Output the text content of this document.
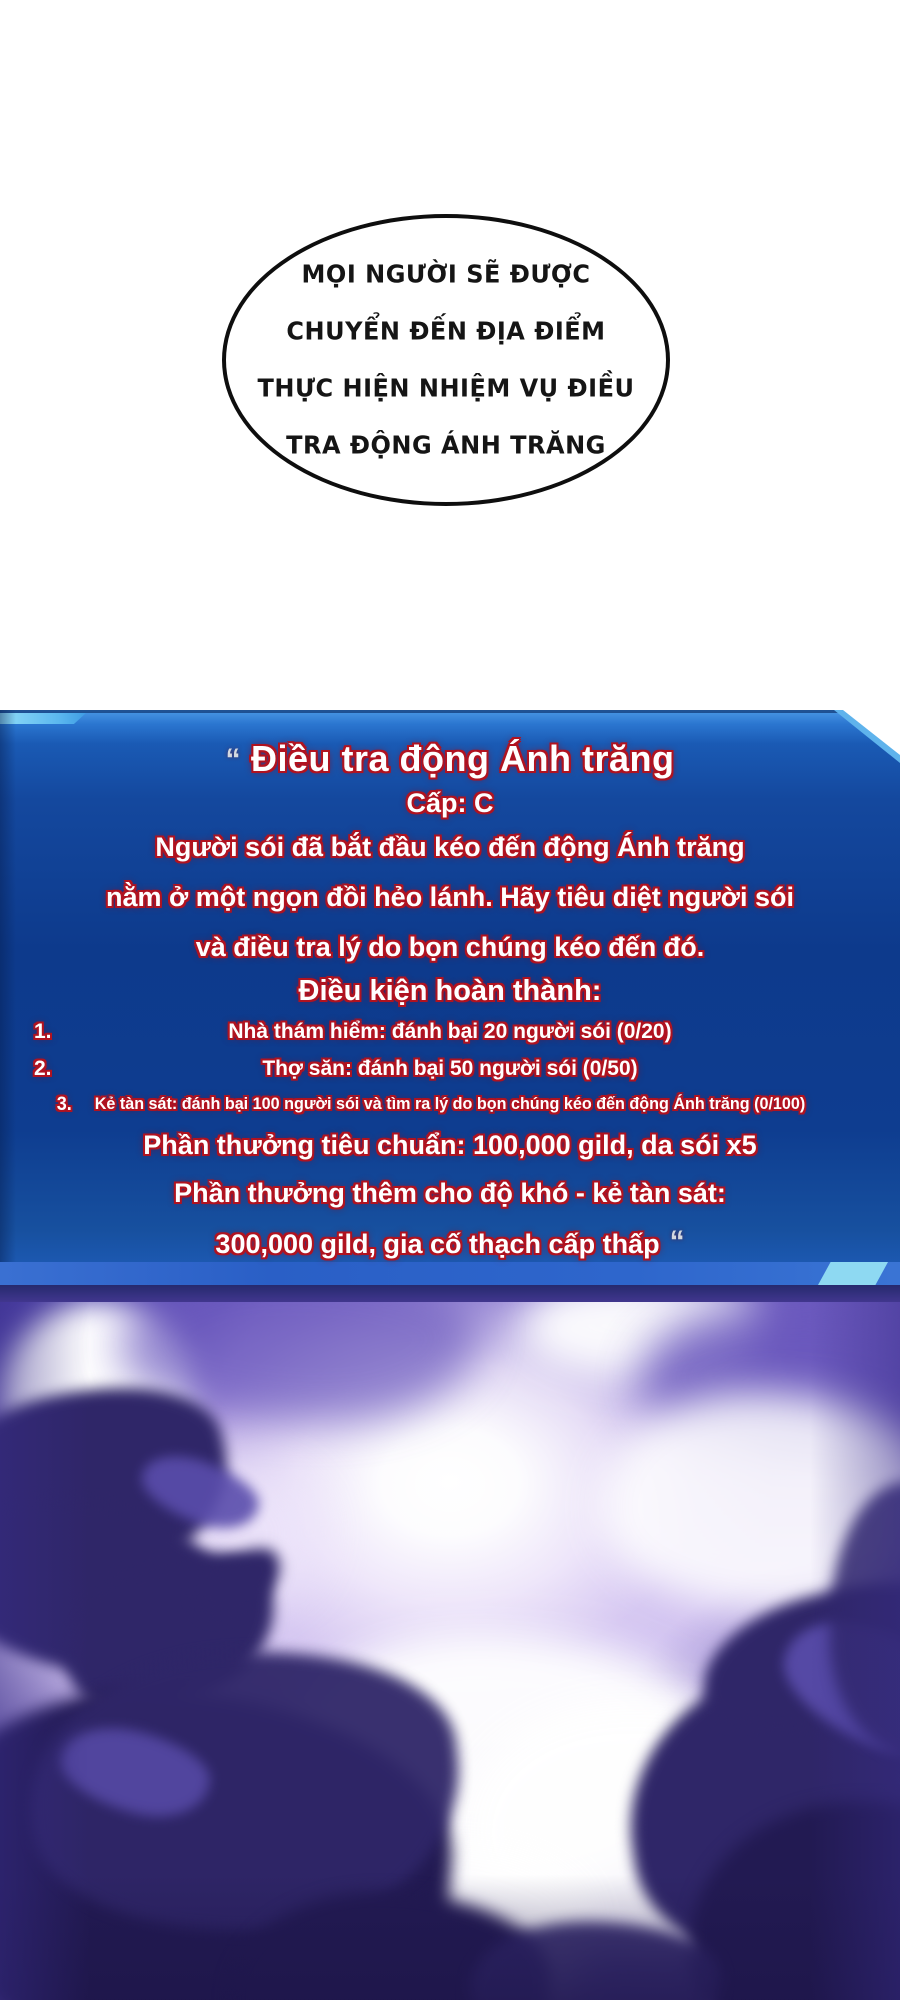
MỌI NGƯỜI SẼ ĐƯỢC
CHUYỂN ĐẾN ĐỊA ĐIỂM
THỰC HIỆN NHIỆM VỤ ĐIỀU
TRA ĐỘNG ÁNH TRĂNG
“ Điều tra động Ánh trăng
Cấp: C
Người sói đã bắt đầu kéo đến động Ánh trăng
nằm ở một ngọn đồi hẻo lánh. Hãy tiêu diệt người sói
và điều tra lý do bọn chúng kéo đến đó.
Điều kiện hoàn thành:
1.	Nhà thám hiểm: đánh bại 20 người sói (0/20)
2.	Thợ săn: đánh bại 50 người sói (0/50)
3. Kẻ tàn sát: đánh bại 100 người sói và tìm ra lý do bọn chúng kéo đến động Ánh trăng (0/100)
Phần thưởng tiêu chuẩn: 100,000 gild, da sói x5
Phần thưởng thêm cho độ khó - kẻ tàn sát:
300,000 gild, gia cố thạch cấp thấp “
